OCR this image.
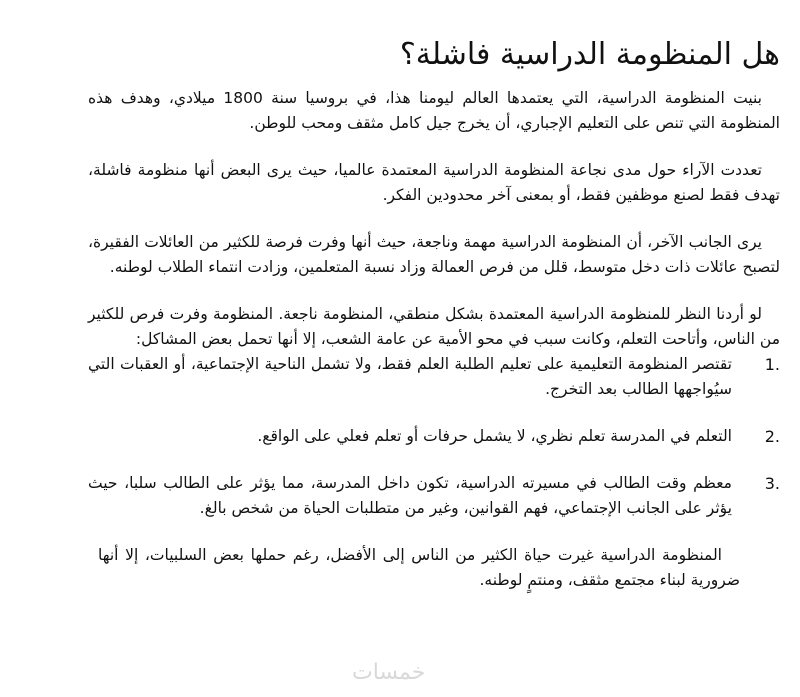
هل المنظومة الدراسية فاشلة؟

بنيت المنظومة الدراسية، التي يعتمدها العالم ليومنا هذا، في بروسيا سنة 1800 ميلادي، وهدف هذه المنظومة التي تنص على التعليم الإجباري، أن يخرج جيل كامل مثقف ومحب للوطن.

تعددت الآراء حول مدى نجاعة المنظومة الدراسية المعتمدة عالميا، حيث يرى البعض أنها منظومة فاشلة، تهدف فقط لصنع موظفين فقط، أو بمعنى آخر محدودين الفكر.

يرى الجانب الآخر، أن المنظومة الدراسية مهمة وناجعة، حيث أنها وفرت فرصة للكثير من العائلات الفقيرة، لتصبح عائلات ذات دخل متوسط، قلل من فرص العمالة وزاد نسبة المتعلمين، وزادت انتماء الطلاب لوطنه.

لو أردنا النظر للمنظومة الدراسية المعتمدة بشكل منطقي، المنظومة ناجعة. المنظومة وفرت فرص للكثير من الناس، وأتاحت التعلم، وكانت سبب في محو الأمية عن عامة الشعب، إلا أنها تحمل بعض المشاكل:

1.
تقتصر المنظومة التعليمية على تعليم الطلبة العلم فقط، ولا تشمل الناحية الإجتماعية، أو العقبات التي سيُواجهها الطالب بعد التخرج.
2.
التعلم في المدرسة تعلم نظري، لا يشمل حرفات أو تعلم فعلي على الواقع.
3.
معظم وقت الطالب في مسيرته الدراسية، تكون داخل المدرسة، مما يؤثر على الطالب سلبا، حيث يؤثر على الجانب الإجتماعي، فهم القوانين، وغير من متطلبات الحياة من شخص بالغ.

المنظومة الدراسية غيرت حياة الكثير من الناس إلى الأفضل، رغم حملها بعض السلبيات، إلا أنها ضرورية لبناء مجتمع مثقف، ومنتمٍ لوطنه.

خمسات
